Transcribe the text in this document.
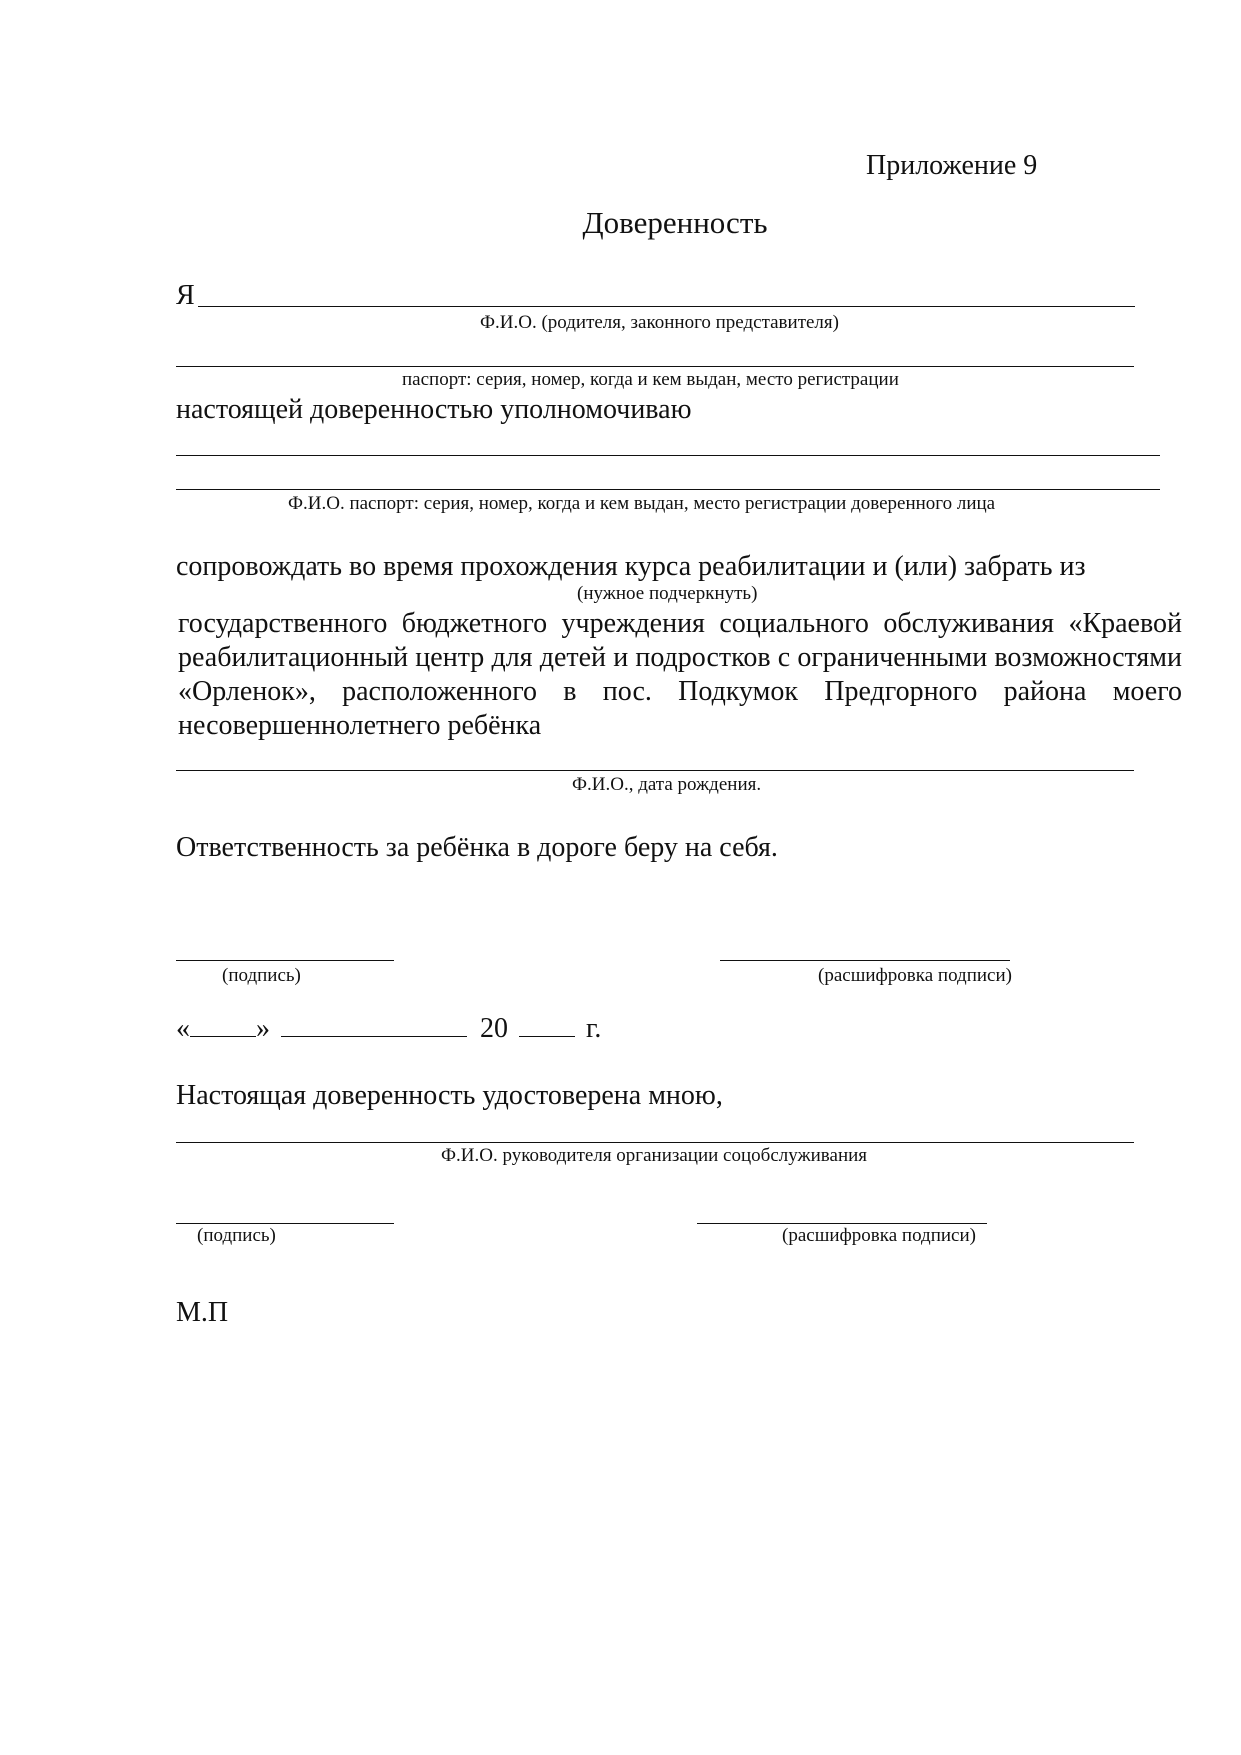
Приложение 9
Доверенность
Я
Ф.И.О. (родителя, законного представителя)
паспорт: серия, номер, когда и кем выдан, место регистрации
настоящей доверенностью уполномочиваю
Ф.И.О. паспорт: серия, номер, когда и кем выдан, место регистрации доверенного лица
сопровождать во время прохождения курса реабилитации и (или) забрать из
(нужное подчеркнуть)
государственного бюджетного учреждения социального обслуживания «Краевой реабилитационный центр для детей и подростков с ограниченными возможностями «Орленок», расположенного в пос. Подкумок Предгорного района моего несовершеннолетнего ребёнка
Ф.И.О., дата рождения.
Ответственность за ребёнка в дороге беру на себя.
(подпись)	(расшифровка подписи)
« »	20	г.
Настоящая доверенность удостоверена мною,
Ф.И.О. руководителя организации соцобслуживания
(подпись)	(расшифровка подписи)
М.П
